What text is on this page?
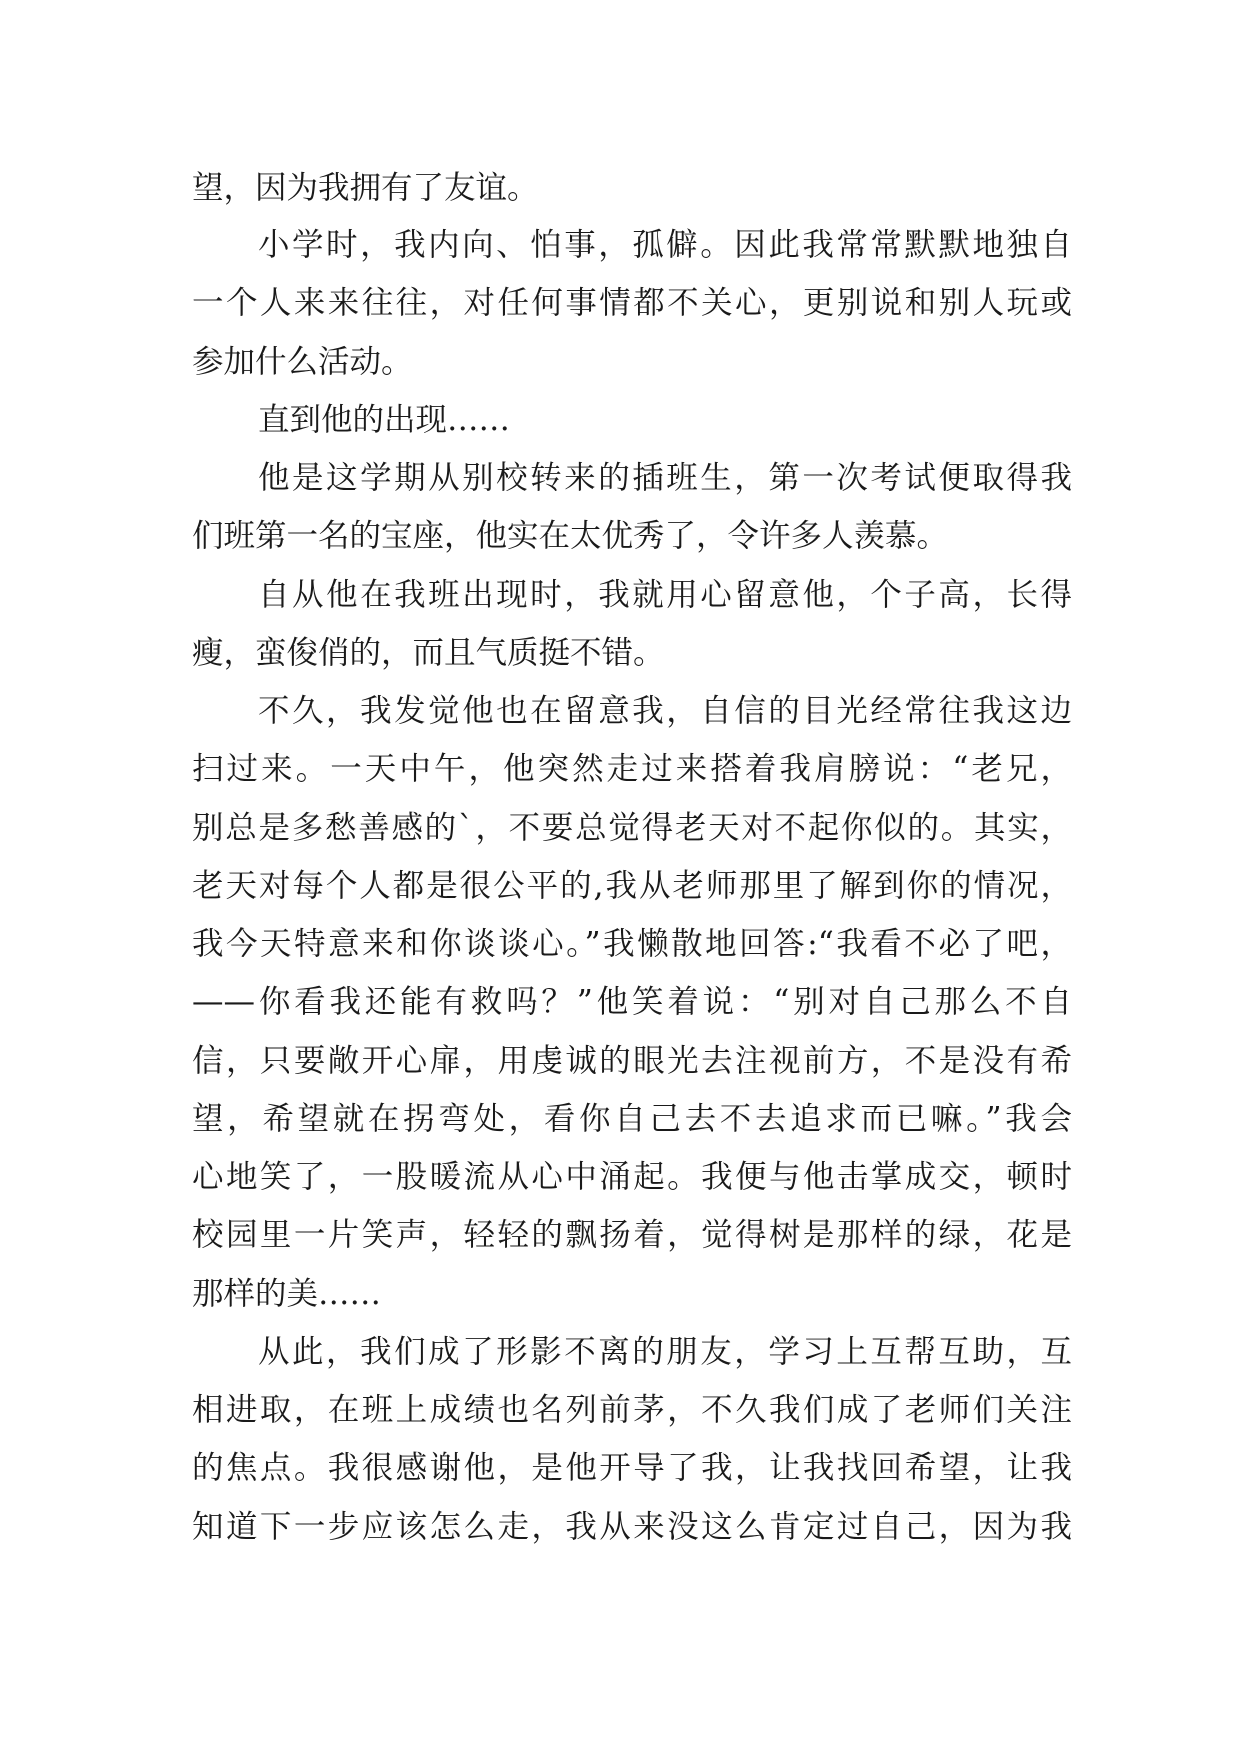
望，因为我拥有了友谊。

小学时，我内向、怕事，孤僻。因此我常常默默地独自

一个人来来往往，对任何事情都不关心，更别说和别人玩或

参加什么活动。

直到他的出现……

他是这学期从别校转来的插班生，第一次考试便取得我

们班第一名的宝座，他实在太优秀了，令许多人羡慕。

自从他在我班出现时，我就用心留意他，个子高，长得

瘦，蛮俊俏的，而且气质挺不错。

不久，我发觉他也在留意我，自信的目光经常往我这边

扫过来。一天中午，他突然走过来搭着我肩膀说：“老兄，

别总是多愁善感的`，不要总觉得老天对不起你似的。其实，

老天对每个人都是很公平的,我从老师那里了解到你的情况，

我今天特意来和你谈谈心。”我懒散地回答:“我看不必了吧，

——你看我还能有救吗？”他笑着说：“别对自己那么不自

信，只要敞开心扉，用虔诚的眼光去注视前方，不是没有希

望，希望就在拐弯处，看你自己去不去追求而已嘛。”我会

心地笑了，一股暖流从心中涌起。我便与他击掌成交，顿时

校园里一片笑声，轻轻的飘扬着，觉得树是那样的绿，花是

那样的美……

从此，我们成了形影不离的朋友，学习上互帮互助，互

相进取，在班上成绩也名列前茅，不久我们成了老师们关注

的焦点。我很感谢他，是他开导了我，让我找回希望，让我

知道下一步应该怎么走，我从来没这么肯定过自己，因为我
